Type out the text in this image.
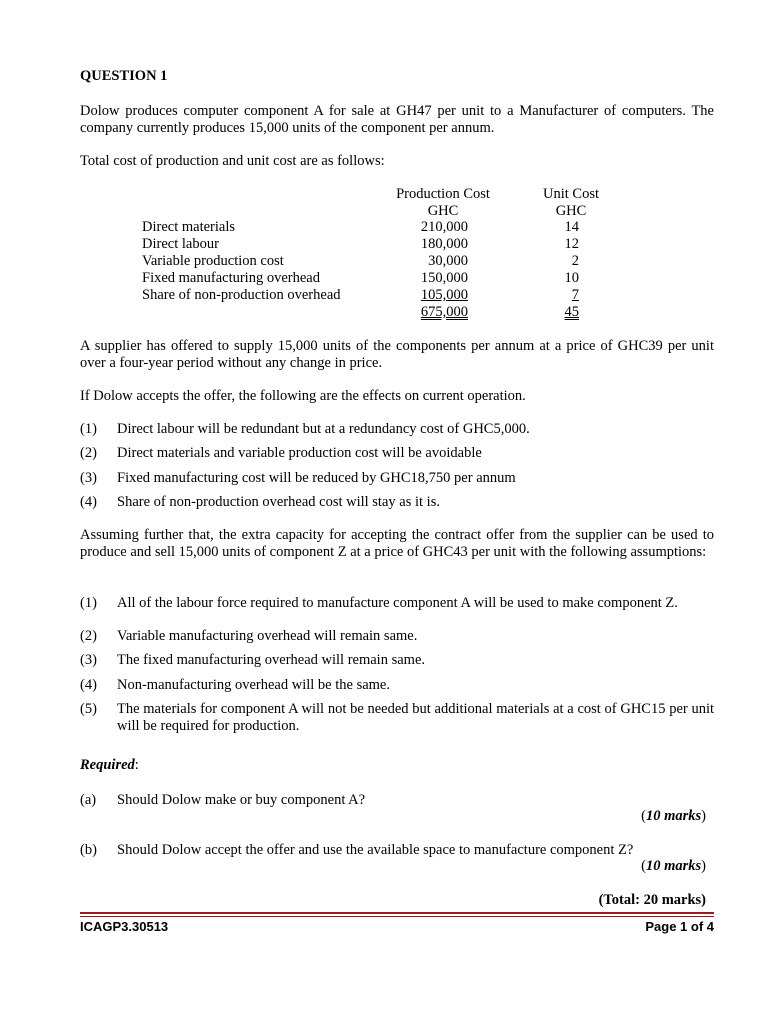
QUESTION 1
Dolow produces computer component A for sale at GH47 per unit to a Manufacturer of computers. The company currently produces 15,000 units of the component per annum.
Total cost of production and unit cost are as follows:
Production Cost
GHC
Unit Cost
GHC
Direct materials
Direct labour
Variable production cost
Fixed manufacturing overhead
Share of non-production overhead
210,000
180,000
30,000
150,000
105,000
675,000
14
12
2
10
7
45
A supplier has offered to supply 15,000 units of the components per annum at a price of GHC39 per unit over a four-year period without any change in price.
If Dolow accepts the offer, the following are the effects on current operation.
(1) Direct labour will be redundant but at a redundancy cost of GHC5,000.
(2) Direct materials and variable production cost will be avoidable
(3) Fixed manufacturing cost will be reduced by GHC18,750 per annum
(4) Share of non-production overhead cost will stay as it is.
Assuming further that, the extra capacity for accepting the contract offer from the supplier can be used to produce and sell 15,000 units of component Z at a price of GHC43 per unit with the following assumptions:
(1) All of the labour force required to manufacture component A will be used to make component Z.
(2) Variable manufacturing overhead will remain same.
(3) The fixed manufacturing overhead will remain same.
(4) Non-manufacturing overhead will be the same.
(5) The materials for component A will not be needed but additional materials at a cost of GHC15 per unit will be required for production.
Required:
(a) Should Dolow make or buy component A?
(10 marks)
(b) Should Dolow accept the offer and use the available space to manufacture component Z?
(10 marks)
(Total: 20 marks)
ICAGP3.30513	Page 1 of 4
